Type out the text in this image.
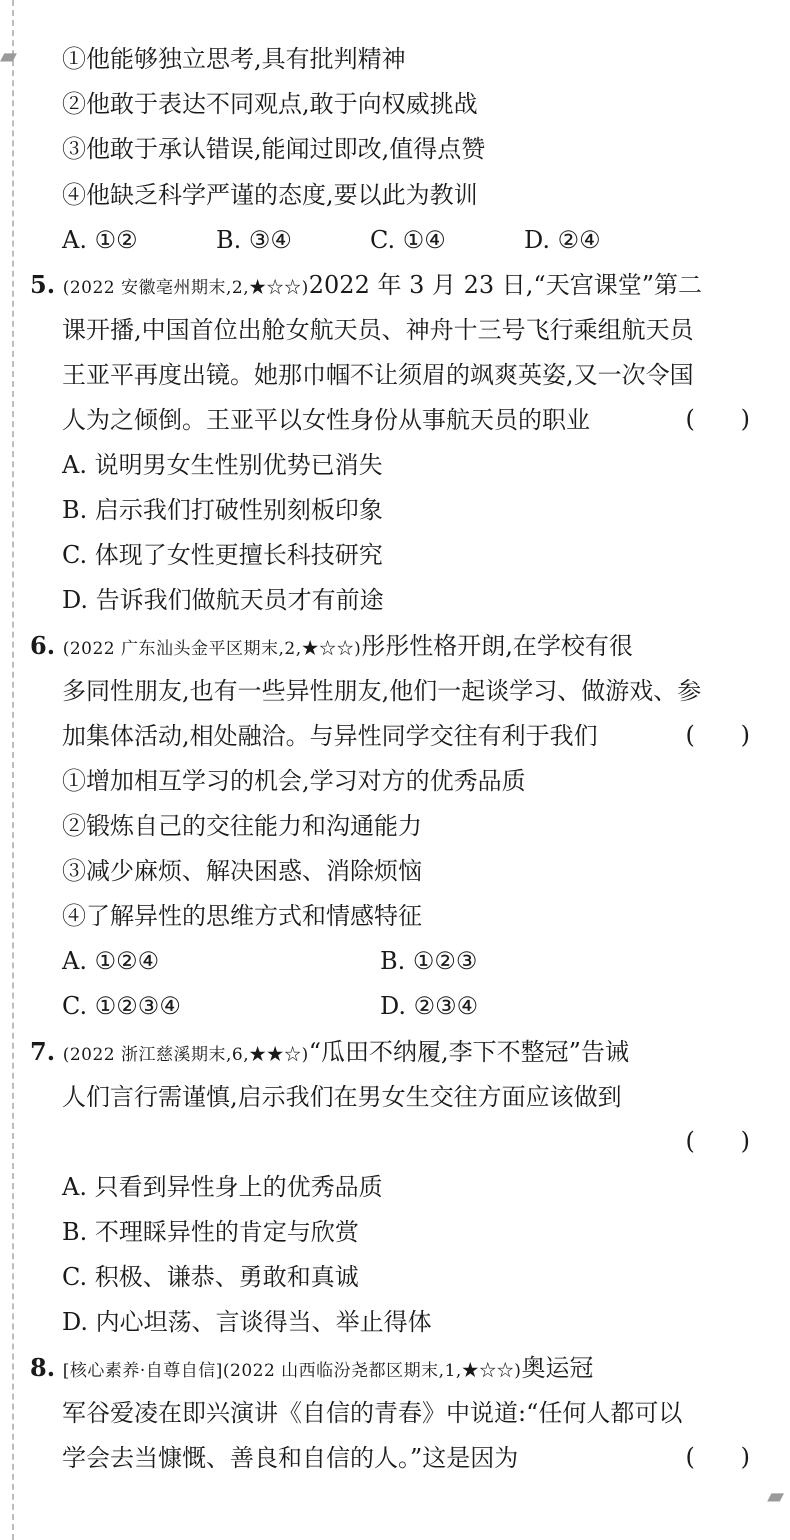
▰
▰
①他能够独立思考,具有批判精神
②他敢于表达不同观点,敢于向权威挑战
③他敢于承认错误,能闻过即改,值得点赞
④他缺乏科学严谨的态度,要以此为教训
A. ①②	B. ③④	C. ①④	D. ②④
5. (2022 安徽亳州期末,2,★☆☆)2022 年 3 月 23 日,“天宫课堂”第二
课开播,中国首位出舱女航天员、神舟十三号飞行乘组航天员
王亚平再度出镜。她那巾帼不让须眉的飒爽英姿,又一次令国
人为之倾倒。王亚平以女性身份从事航天员的职业	(      )
A. 说明男女生性别优势已消失
B. 启示我们打破性别刻板印象
C. 体现了女性更擅长科技研究
D. 告诉我们做航天员才有前途
6. (2022 广东汕头金平区期末,2,★☆☆)彤彤性格开朗,在学校有很
多同性朋友,也有一些异性朋友,他们一起谈学习、做游戏、参
加集体活动,相处融洽。与异性同学交往有利于我们	(      )
①增加相互学习的机会,学习对方的优秀品质
②锻炼自己的交往能力和沟通能力
③减少麻烦、解决困惑、消除烦恼
④了解异性的思维方式和情感特征
A. ①②④	B. ①②③
C. ①②③④	D. ②③④
7. (2022 浙江慈溪期末,6,★★☆)“瓜田不纳履,李下不整冠”告诫
人们言行需谨慎,启示我们在男女生交往方面应该做到
(      )
A. 只看到异性身上的优秀品质
B. 不理睬异性的肯定与欣赏
C. 积极、谦恭、勇敢和真诚
D. 内心坦荡、言谈得当、举止得体
8. [核心素养·自尊自信](2022 山西临汾尧都区期末,1,★☆☆)奥运冠
军谷爱凌在即兴演讲《自信的青春》中说道:“任何人都可以
学会去当慷慨、善良和自信的人。”这是因为	(      )
